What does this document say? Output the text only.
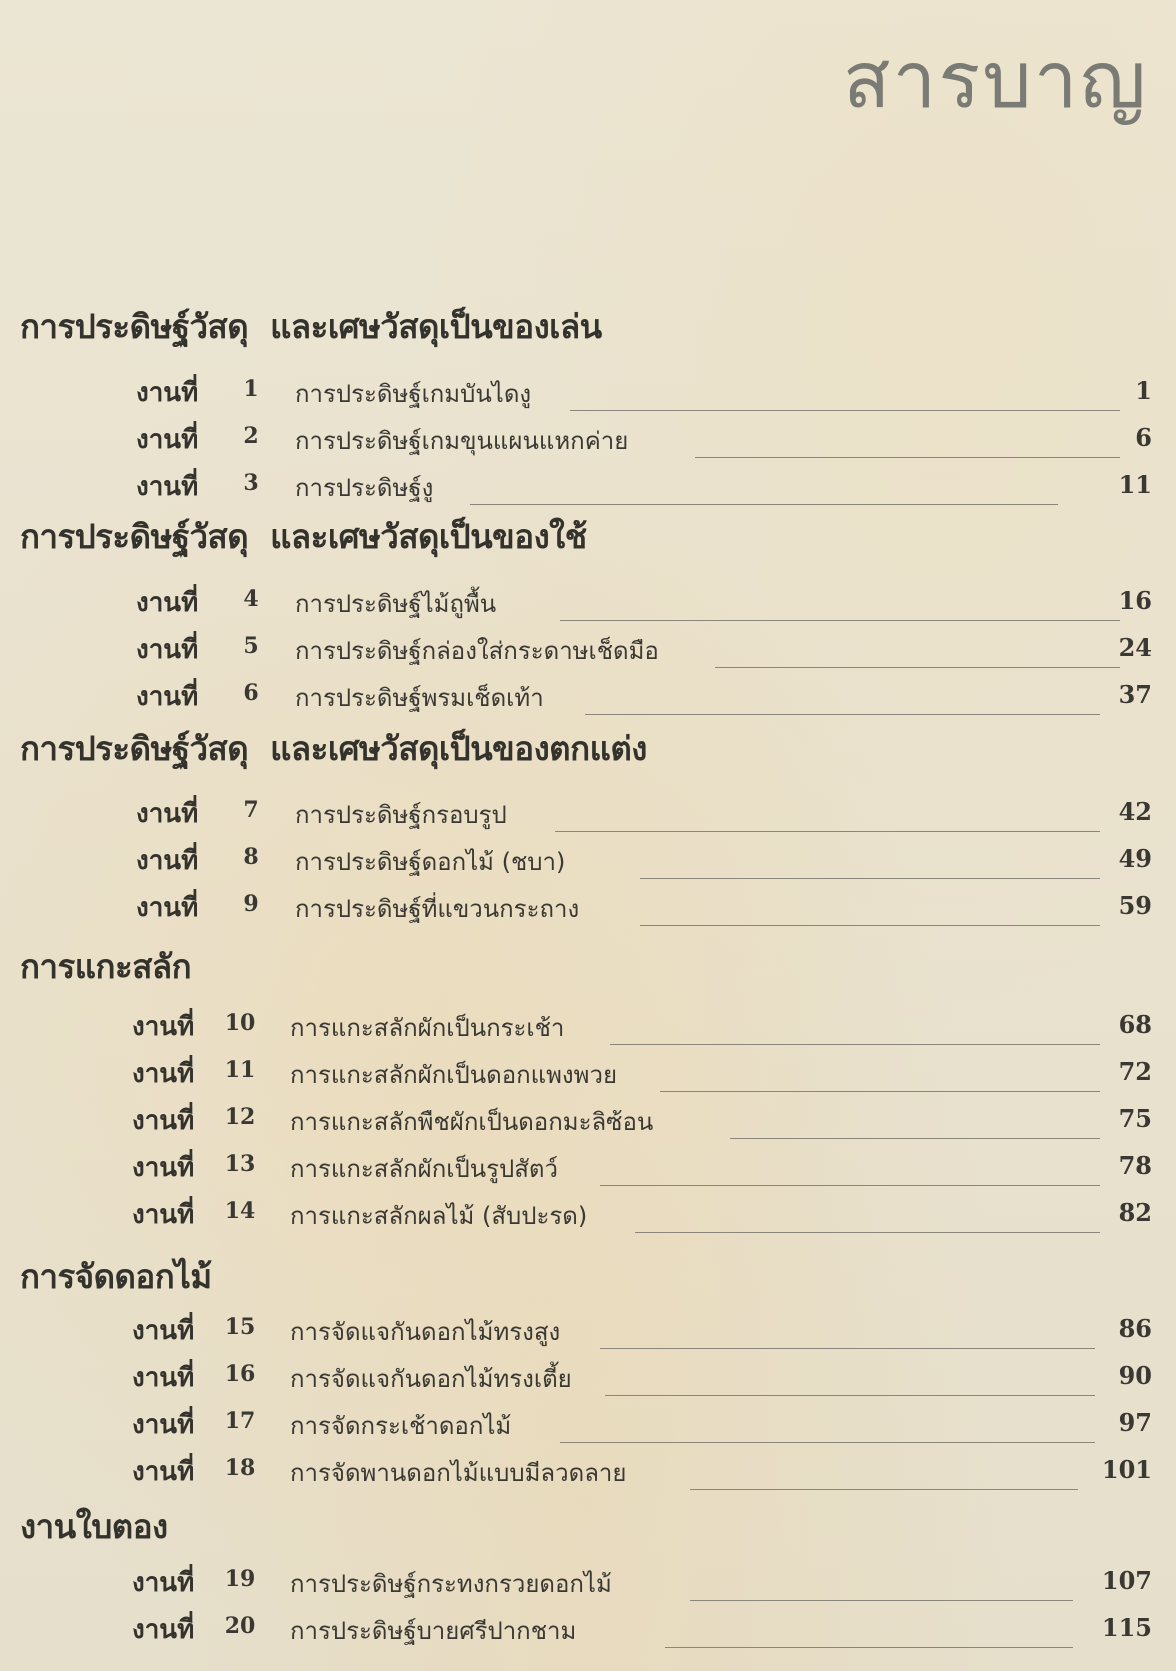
สารบาญ
การประดิษฐ์วัสดุ  และเศษวัสดุเป็นของเล่น
งานที่	1	การประดิษฐ์เกมบันไดงู	1
งานที่	2	การประดิษฐ์เกมขุนแผนแหกค่าย	6
งานที่	3	การประดิษฐ์งู	11
การประดิษฐ์วัสดุ  และเศษวัสดุเป็นของใช้
งานที่	4	การประดิษฐ์ไม้ถูพื้น	16
งานที่	5	การประดิษฐ์กล่องใส่กระดาษเช็ดมือ	24
งานที่	6	การประดิษฐ์พรมเช็ดเท้า	37
การประดิษฐ์วัสดุ  และเศษวัสดุเป็นของตกแต่ง
งานที่	7	การประดิษฐ์กรอบรูป	42
งานที่	8	การประดิษฐ์ดอกไม้ (ชบา)	49
งานที่	9	การประดิษฐ์ที่แขวนกระถาง	59
การแกะสลัก
งานที่	10	การแกะสลักผักเป็นกระเช้า	68
งานที่	11	การแกะสลักผักเป็นดอกแพงพวย	72
งานที่	12	การแกะสลักพืชผักเป็นดอกมะลิซ้อน	75
งานที่	13	การแกะสลักผักเป็นรูปสัตว์	78
งานที่	14	การแกะสลักผลไม้ (สับปะรด)	82
การจัดดอกไม้
งานที่	15	การจัดแจกันดอกไม้ทรงสูง	86
งานที่	16	การจัดแจกันดอกไม้ทรงเตี้ย	90
งานที่	17	การจัดกระเช้าดอกไม้	97
งานที่	18	การจัดพานดอกไม้แบบมีลวดลาย	101
งานใบตอง
งานที่	19	การประดิษฐ์กระทงกรวยดอกไม้	107
งานที่	20	การประดิษฐ์บายศรีปากชาม	115
